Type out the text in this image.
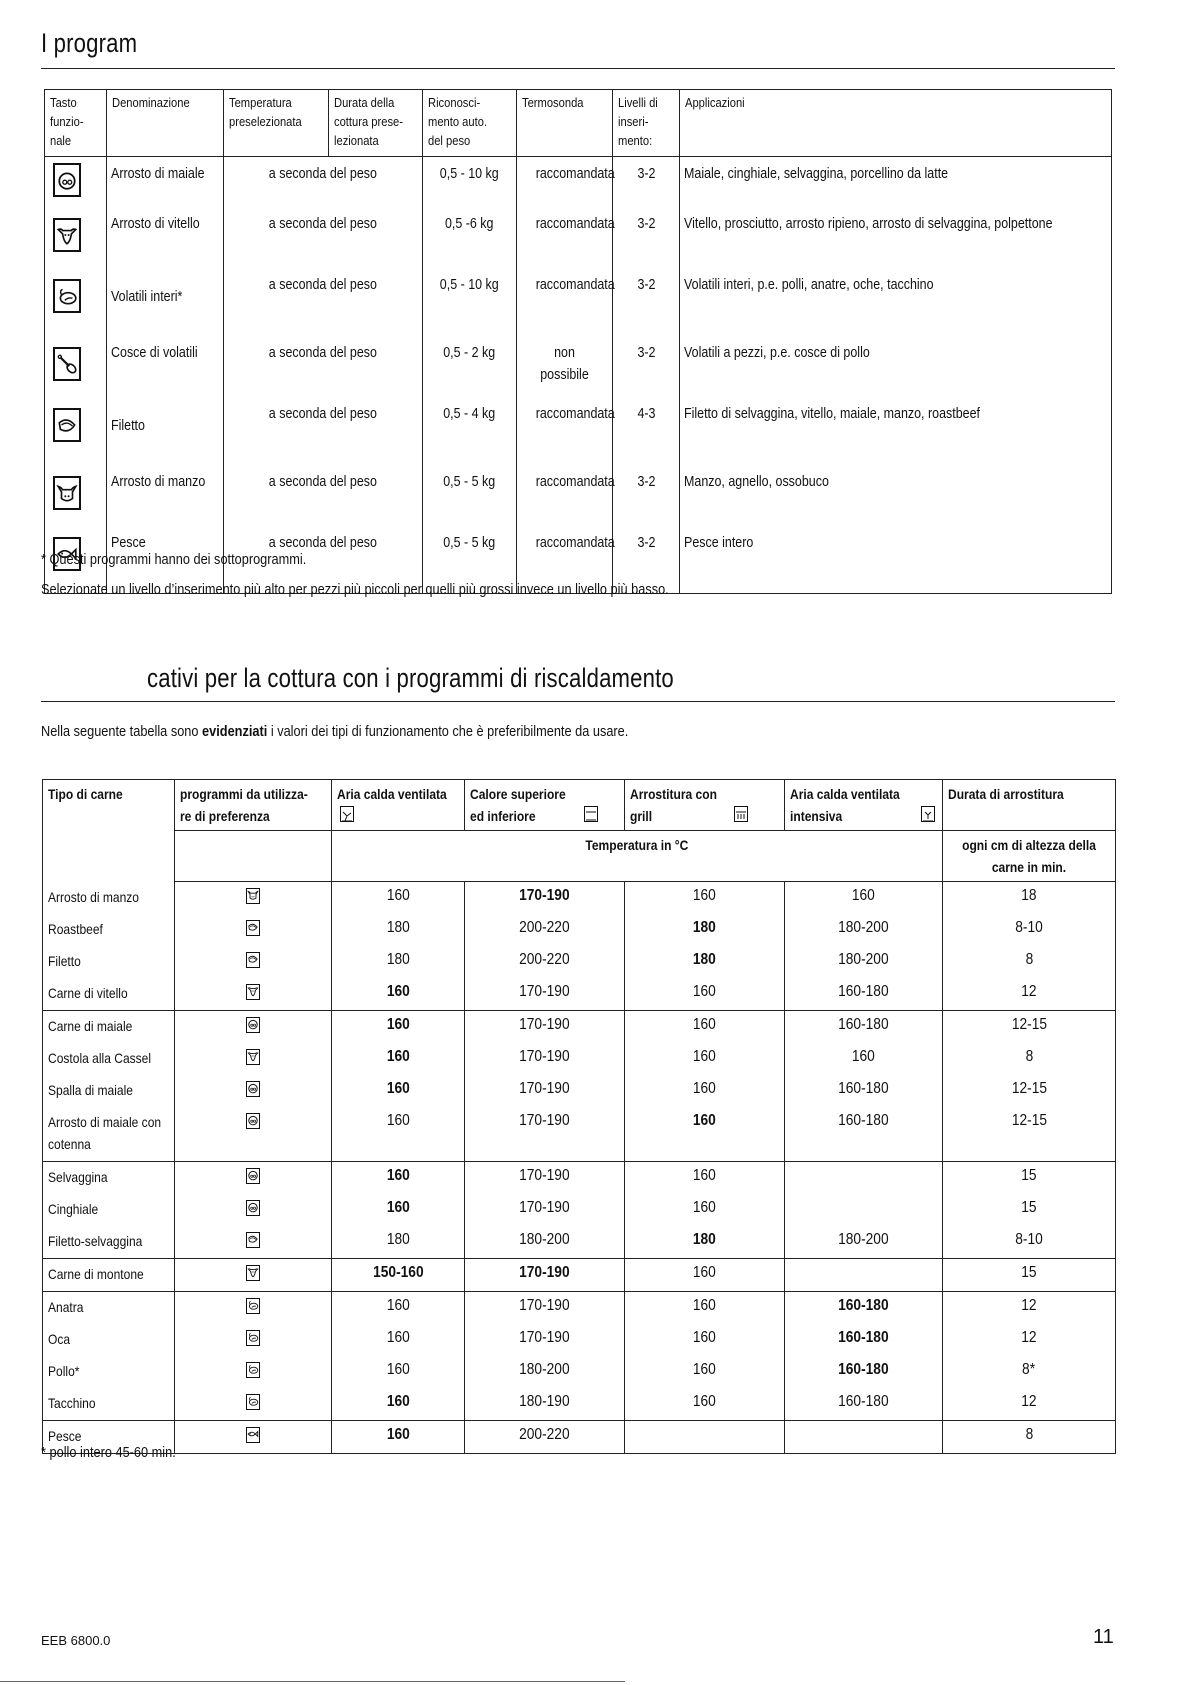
I program
Tasto
funzio-
nale	Denominazione	Temperatura
preselezionata	Durata della
cottura prese-
lezionata	Riconosci-
mento auto.
del peso	Termosonda	Livelli di
inseri-
mento:	Applicazioni

	Arrosto di maiale	a seconda del peso		0,5 - 10 kg	raccomandata	3-2	Maiale, cinghiale, selvaggina, porcellino da latte

	Arrosto di vitello	a seconda del peso		0,5 -6 kg	raccomandata	3-2	Vitello, prosciutto, arrosto ripieno, arrosto di selvaggina, polpettone

	Volatili interi*	a seconda del peso		0,5 - 10 kg	raccomandata	3-2	Volatili interi, p.e. polli, anatre, oche, tacchino

	Cosce di volatili	a seconda del peso		0,5 - 2 kg	non possibile	3-2	Volatili a pezzi, p.e. cosce di pollo

	Filetto	a seconda del peso		0,5 - 4 kg	raccomandata	4-3	Filetto di selvaggina, vitello, maiale, manzo, roastbeef

	Arrosto di manzo	a seconda del peso		0,5 - 5 kg	raccomandata	3-2	Manzo, agnello, ossobuco

	Pesce	a seconda del peso		0,5 - 5 kg	raccomandata	3-2	Pesce intero
* Questi programmi hanno dei sottoprogrammi.
Selezionate un livello d’inserimento più alto per pezzi più piccoli per quelli più grossi invece un livello più basso.
cativi per la cottura con i programmi di riscaldamento
Nella seguente tabella sono evidenziati i valori dei tipi di funzionamento che è preferibilmente da usare.
Tipo di carne	programmi da utilizza-
re di preferenza	Aria calda ventilata	Calore superiore
ed inferiore	Arrostitura con
grill	Aria calda ventilata
intensiva	Durata di arrostitura
		Temperatura in °C				ogni cm di altezza della carne in min.
Arrosto di manzo		160	170-190	160	160	18
Roastbeef		180	200-220	180	180-200	8-10
Filetto		180	200-220	180	180-200	8
Carne di vitello		160	170-190	160	160-180	12
Carne di maiale		160	170-190	160	160-180	12-15
Costola alla Cassel		160	170-190	160	160	8
Spalla di maiale		160	170-190	160	160-180	12-15
Arrosto di maiale con
cotenna		160	170-190	160	160-180	12-15
Selvaggina		160	170-190	160		15
Cinghiale		160	170-190	160		15
Filetto-selvaggina		180	180-200	180	180-200	8-10
Carne di montone		150-160	170-190	160		15
Anatra		160	170-190	160	160-180	12
Oca		160	170-190	160	160-180	12
Pollo*		160	180-200	160	160-180	8*
Tacchino		160	180-190	160	160-180	12
Pesce		160	200-220			8
* pollo intero 45-60 min.
EEB 6800.0	11
